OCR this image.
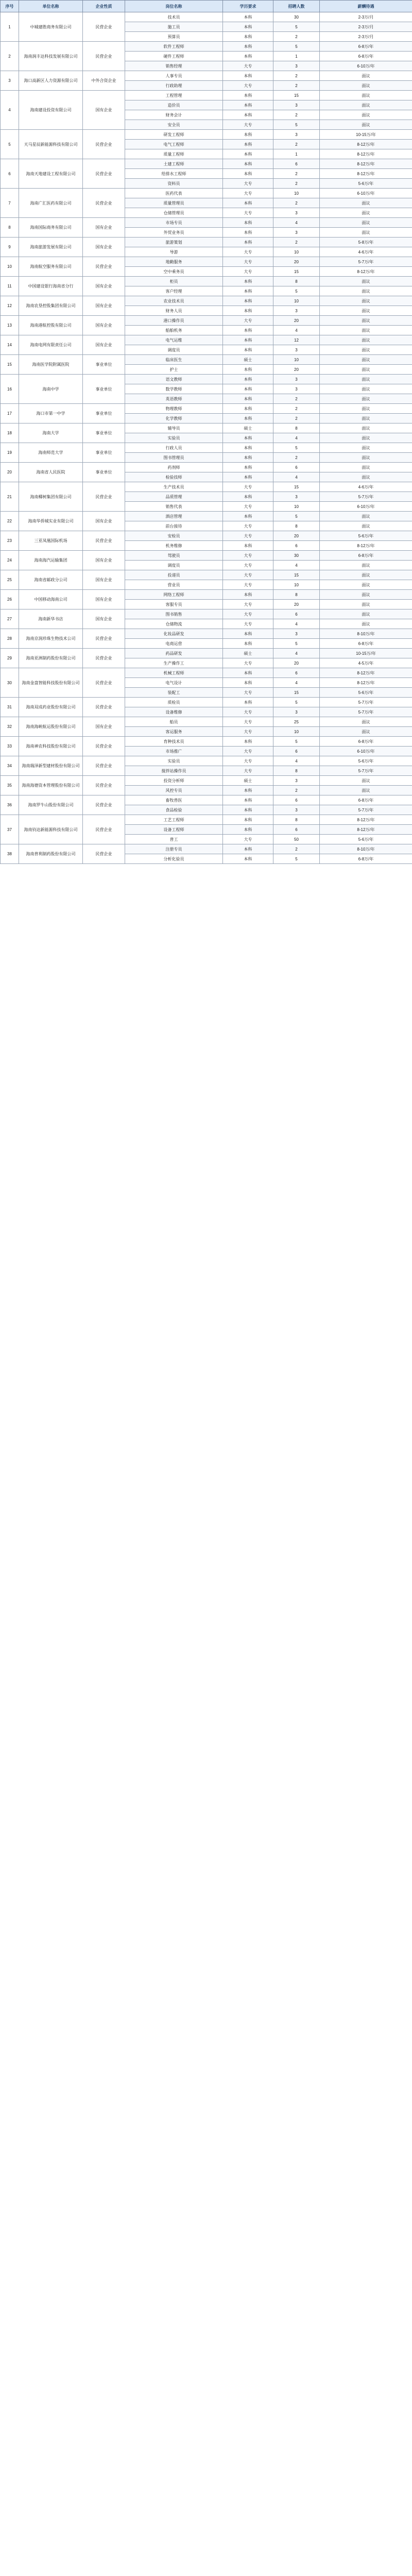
序号	单位名称	企业性质	岗位名称	学历要求	招聘人数	薪酬待遇
1	中城建胜商务有限公司	民营企业	技术员	本科	30	2-3万/月
			施工员	本科	5	2-3万/月
			预算员	本科	2	2-3万/月
2	海南润丰达科技发展有限公司	民营企业	软件工程师	本科	5	6-8万/年
			硬件工程师	本科	1	6-8万/年
			销售经理	大专	3	6-10万/年
3	海口高新区人力资源有限公司	中外合资企业	人事专员	本科	2	面议
			行政助理	大专	2	面议
4	海南建设投资有限公司	国有企业	工程管理	本科	15	面议
			造价员	本科	3	面议
			财务会计	本科	2	面议
			安全员	大专	5	面议
5	天马星辰新能源科技有限公司	民营企业	研发工程师	本科	3	10-15万/年
			电气工程师	本科	2	8-12万/年
			质量工程师	本科	1	8-12万/年
6	海南天地建设工程有限公司	民营企业	土建工程师	本科	6	8-12万/年
			给排水工程师	本科	2	8-12万/年
			资料员	大专	2	5-6万/年
7	海南广汇医药有限公司	民营企业	医药代表	大专	10	6-10万/年
			质量管理员	本科	2	面议
			仓储管理员	大专	3	面议
8	海南国际商务有限公司	国有企业	市场专员	本科	4	面议
			外贸业务员	本科	3	面议
9	海南旅游发展有限公司	国有企业	旅游策划	本科	2	5-8万/年
			导游	大专	10	4-6万/年
10	海南航空服务有限公司	民营企业	地勤服务	大专	20	5-7万/年
			空中乘务员	大专	15	8-12万/年
11	中国建设银行海南省分行	国有企业	柜员	本科	8	面议
			客户经理	本科	5	面议
12	海南农垦控股集团有限公司	国有企业	农业技术员	本科	10	面议
			财务人员	本科	3	面议
13	海南港航控股有限公司	国有企业	港口操作员	大专	20	面议
			船舶机务	本科	4	面议
14	海南电网有限责任公司	国有企业	电气运维	本科	12	面议
			调度员	本科	3	面议
15	海南医学院附属医院	事业单位	临床医生	硕士	10	面议
			护士	本科	20	面议
16	海南中学	事业单位	语文教师	本科	3	面议
			数学教师	本科	3	面议
			英语教师	本科	2	面议
17	海口市第一中学	事业单位	物理教师	本科	2	面议
			化学教师	本科	2	面议
18	海南大学	事业单位	辅导员	硕士	8	面议
			实验员	本科	4	面议
19	海南师范大学	事业单位	行政人员	本科	5	面议
			图书管理员	本科	2	面议
20	海南省人民医院	事业单位	药剂师	本科	6	面议
			检验技师	本科	4	面议
21	海南椰树集团有限公司	民营企业	生产技术员	大专	15	4-6万/年
			品质管理	本科	3	5-7万/年
			销售代表	大专	10	6-10万/年
22	海南华侨城实业有限公司	国有企业	酒店管理	本科	5	面议
			前台接待	大专	8	面议
23	三亚凤凰国际机场	民营企业	安检员	大专	20	5-6万/年
			机务维修	本科	6	8-12万/年
24	海南海汽运输集团	国有企业	驾驶员	大专	30	6-8万/年
			调度员	大专	4	面议
25	海南省邮政分公司	国有企业	投递员	大专	15	面议
			营业员	大专	10	面议
26	中国移动海南公司	国有企业	网络工程师	本科	8	面议
			客服专员	大专	20	面议
27	海南新华书店	国有企业	图书销售	大专	6	面议
			仓储物流	大专	4	面议
28	海南京润珍珠生物技术公司	民营企业	化妆品研发	本科	3	8-10万/年
			电商运营	本科	5	6-8万/年
29	海南亚洲制药股份有限公司	民营企业	药品研发	硕士	4	10-15万/年
			生产操作工	大专	20	4-5万/年
30	海南金盘智能科技股份有限公司	民营企业	机械工程师	本科	6	8-12万/年
			电气设计	本科	4	8-12万/年
			装配工	大专	15	5-6万/年
31	海南双成药业股份有限公司	民营企业	质检员	本科	5	5-7万/年
			设备维修	大专	3	5-7万/年
32	海南海峡航运股份有限公司	国有企业	船员	大专	25	面议
			客运服务	大专	10	面议
33	海南神农科技股份有限公司	民营企业	育种技术员	本科	5	6-8万/年
			市场推广	大专	6	6-10万/年
34	海南瑞泽新型建材股份有限公司	民营企业	实验员	大专	4	5-6万/年
			搅拌站操作员	大专	8	5-7万/年
35	海南海德资本管理股份有限公司	民营企业	投资分析师	硕士	3	面议
			风控专员	本科	2	面议
36	海南罗牛山股份有限公司	民营企业	畜牧兽医	本科	6	6-8万/年
			食品检验	本科	3	5-7万/年
37	海南钧达新能源科技有限公司	民营企业	工艺工程师	本科	8	8-12万/年
			设备工程师	本科	6	8-12万/年
			普工	大专	50	5-6万/年
38	海南普利制药股份有限公司	民营企业	注册专员	本科	2	8-10万/年
			分析化验员	本科	5	6-8万/年
